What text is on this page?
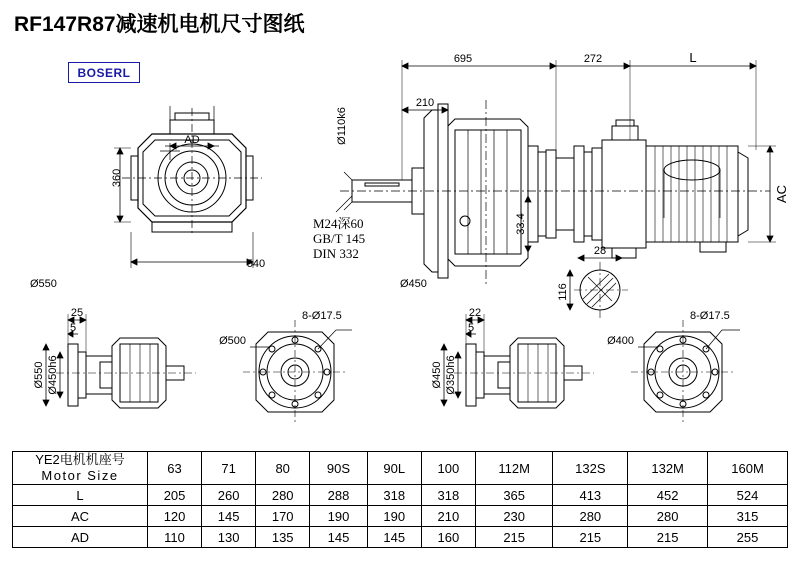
RF147R87减速机电机尺寸图纸
BOSERL
695	272	L
210
AD
540
28
25
5
22
5
Ø550	Ø450
8-Ø17.5	8-Ø17.5
Ø500	Ø400
360
Ø110k6
33.4
116
AC
Ø550 Ø450h6	Ø450 Ø350h6
M24深60
GB/T 145
DIN 332
YE2电机机座号
Motor Size	63	71	80	90S	90L	100	112M	132S	132M	160M

L	205	260	280	288	318	318	365	413	452	524
AC	120	145	170	190	190	210	230	280	280	315
AD	110	130	135	145	145	160	215	215	215	255
